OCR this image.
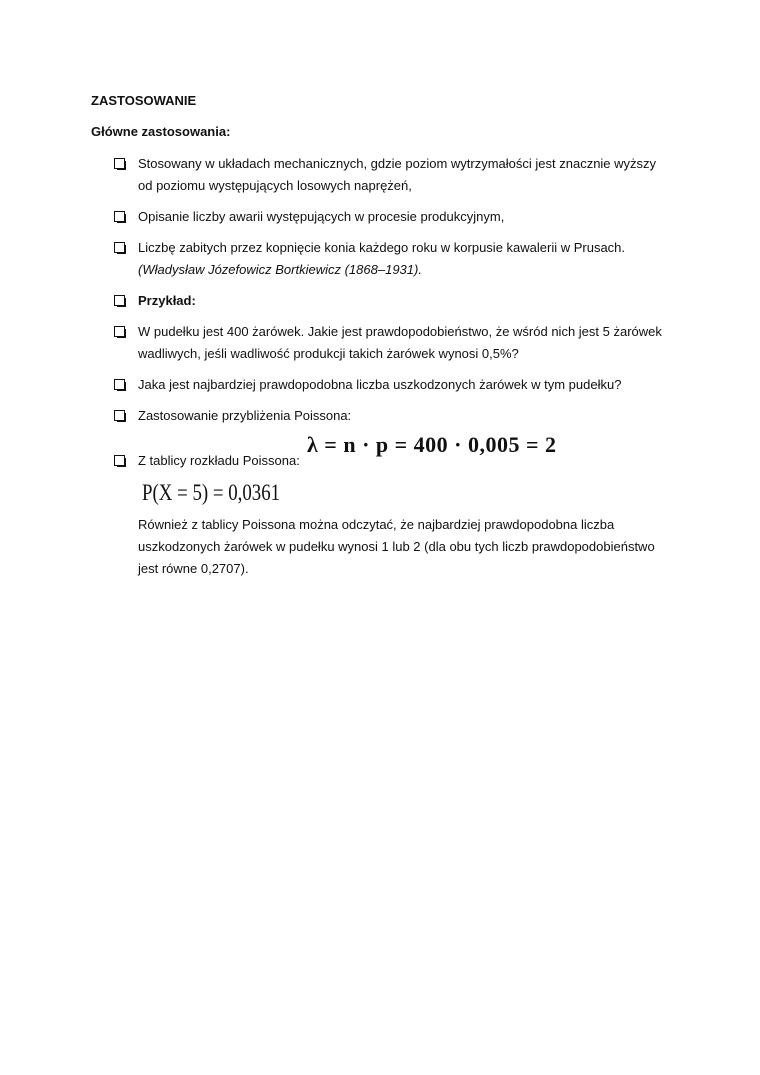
ZASTOSOWANIE
Główne zastosowania:
Stosowany w układach mechanicznych, gdzie poziom wytrzymałości jest znacznie wyższy od poziomu występujących losowych naprężeń,
Opisanie liczby awarii występujących w procesie produkcyjnym,
Liczbę zabitych przez kopnięcie konia każdego roku w korpusie kawalerii w Prusach.
(Władysław Józefowicz Bortkiewicz (1868–1931).
Przykład:
W pudełku jest 400 żarówek. Jakie jest prawdopodobieństwo, że wśród nich jest 5 żarówek wadliwych, jeśli wadliwość produkcji takich żarówek wynosi 0,5%?
Jaka jest najbardziej prawdopodobna liczba uszkodzonych żarówek w tym pudełku?
Zastosowanie przybliżenia Poissona:
Z tablicy rozkładu Poissona:
λ = n · p = 400 · 0,005 = 2
P(X = 5) = 0,0361
Również z tablicy Poissona można odczytać, że najbardziej prawdopodobna liczba uszkodzonych żarówek w pudełku wynosi 1 lub 2 (dla obu tych liczb prawdopodobieństwo jest równe 0,2707).
